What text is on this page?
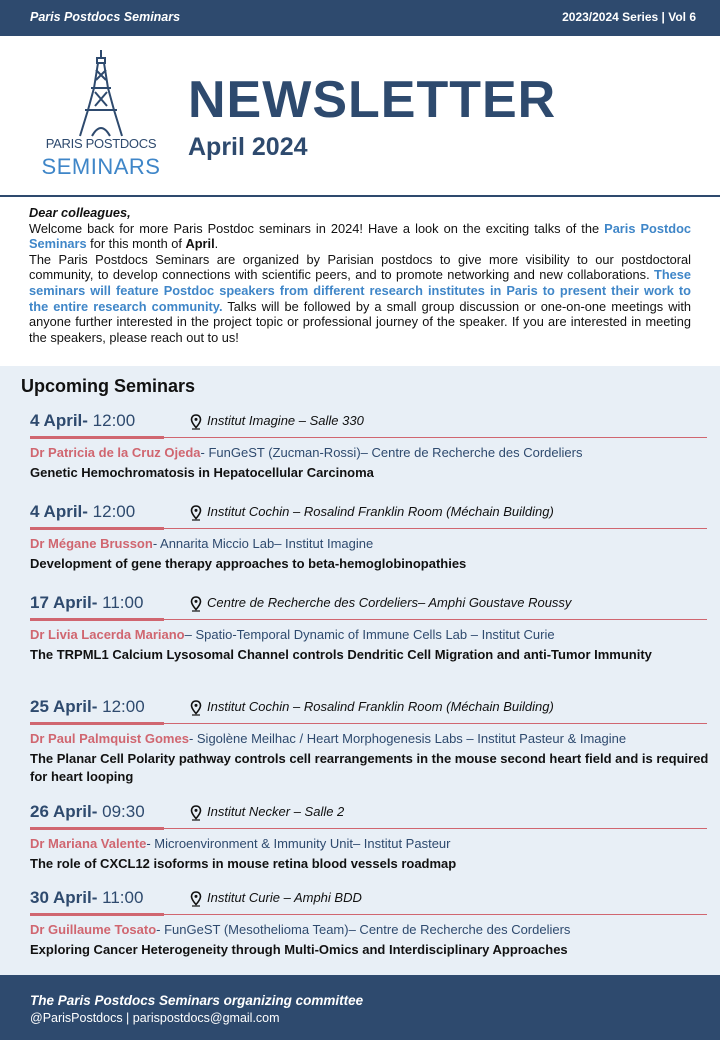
Paris Postdocs Seminars	2023/2024 Series | Vol 6
PARIS POSTDOCS
SEMINARS
NEWSLETTER
April 2024

Dear colleagues,

Welcome back for more Paris Postdoc seminars in 2024! Have a look on the exciting talks of the Paris Postdoc Seminars for this month of April.

The Paris Postdocs Seminars are organized by Parisian postdocs to give more visibility to our postdoctoral community, to develop connections with scientific peers, and to promote networking and new collaborations. These seminars will feature Postdoc speakers from different research institutes in Paris to present their work to the entire research community. Talks will be followed by a small group discussion or one-on-one meetings with anyone further interested in the project topic or professional journey of the speaker. If you are interested in meeting the speakers, please reach out to us!

Upcoming Seminars
4 April- 12:00	Institut Imagine – Salle 330
Dr Patricia de la Cruz Ojeda- FunGeST (Zucman-Rossi)– Centre de Recherche des Cordeliers
Genetic Hemochromatosis in Hepatocellular Carcinoma
4 April- 12:00	Institut Cochin – Rosalind Franklin Room (Méchain Building)
Dr Mégane Brusson- Annarita Miccio Lab– Institut Imagine
Development of gene therapy approaches to beta-hemoglobinopathies
17 April- 11:00	Centre de Recherche des Cordeliers– Amphi Goustave Roussy
Dr Livia Lacerda Mariano– Spatio-Temporal Dynamic of Immune Cells Lab – Institut Curie
The TRPML1 Calcium Lysosomal Channel controls Dendritic Cell Migration and anti-Tumor Immunity
25 April- 12:00	Institut Cochin – Rosalind Franklin Room (Méchain Building)
Dr Paul Palmquist Gomes- Sigolène Meilhac / Heart Morphogenesis Labs – Institut Pasteur & Imagine
The Planar Cell Polarity pathway controls cell rearrangements in the mouse second heart field and is required for heart looping
26 April- 09:30	Institut Necker – Salle 2
Dr Mariana Valente- Microenvironment & Immunity Unit– Institut Pasteur
The role of CXCL12 isoforms in mouse retina blood vessels roadmap
30 April- 11:00	Institut Curie – Amphi BDD
Dr Guillaume Tosato- FunGeST (Mesothelioma Team)– Centre de Recherche des Cordeliers
Exploring Cancer Heterogeneity through Multi-Omics and Interdisciplinary Approaches
The Paris Postdocs Seminars organizing committee
@ParisPostdocs | parispostdocs@gmail.com
